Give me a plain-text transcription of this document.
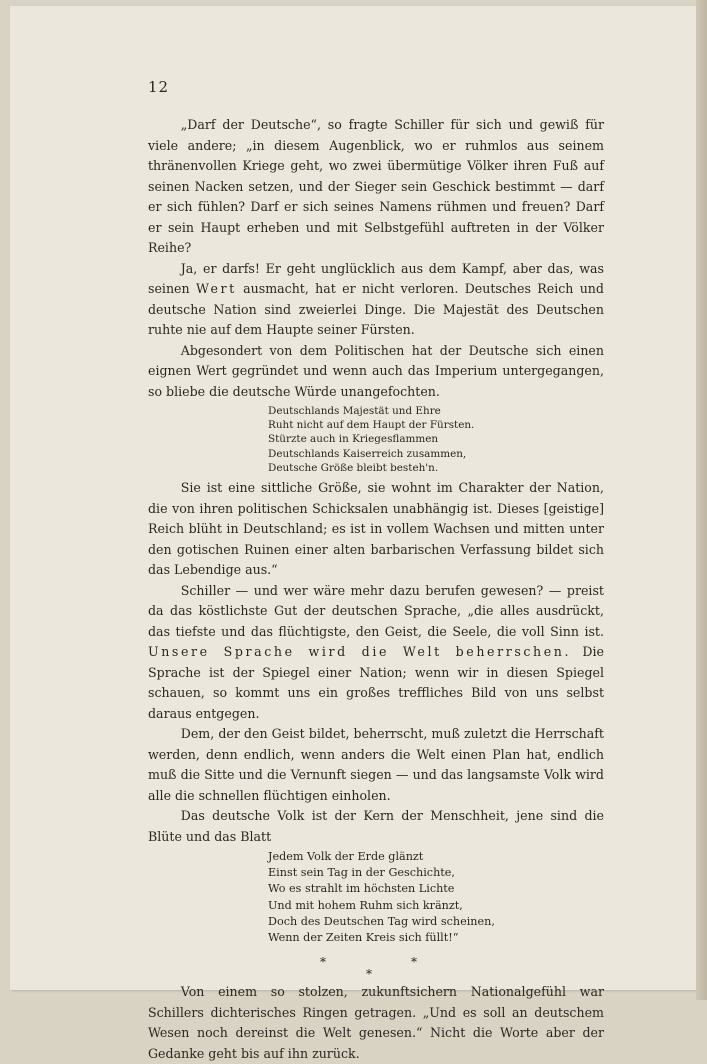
12

„Darf der Deutsche“, so fragte Schiller für sich und gewiß für viele andere; „in diesem Augenblick, wo er ruhmlos aus seinem thränenvollen Kriege geht, wo zwei übermütige Völker ihren Fuß auf seinen Nacken setzen, und der Sieger sein Geschick bestimmt — darf er sich fühlen? Darf er sich seines Namens rühmen und freuen? Darf er sein Haupt erheben und mit Selbstgefühl auftreten in der Völker Reihe?

Ja, er darfs! Er geht unglücklich aus dem Kampf, aber das, was seinen Wert ausmacht, hat er nicht verloren. Deutsches Reich und deutsche Nation sind zweierlei Dinge. Die Majestät des Deutschen ruhte nie auf dem Haupte seiner Fürsten.

Abgesondert von dem Politischen hat der Deutsche sich einen eignen Wert gegründet und wenn auch das Imperium untergegangen, so bliebe die deutsche Würde unangefochten.

Deutschlands Majestät und Ehre
Ruht nicht auf dem Haupt der Fürsten.
Stürzte auch in Kriegesflammen
Deutschlands Kaiserreich zusammen,
Deutsche Größe bleibt besteh'n.

Sie ist eine sittliche Größe, sie wohnt im Charakter der Nation, die von ihren politischen Schicksalen unabhängig ist. Dieses [geistige] Reich blüht in Deutschland; es ist in vollem Wachsen und mitten unter den gotischen Ruinen einer alten barbarischen Verfassung bildet sich das Lebendige aus.“

Schiller — und wer wäre mehr dazu berufen gewesen? — preist da das köstlichste Gut der deutschen Sprache, „die alles ausdrückt, das tiefste und das flüchtigste, den Geist, die Seele, die voll Sinn ist. Unsere Sprache wird die Welt beherrschen. Die Sprache ist der Spiegel einer Nation; wenn wir in diesen Spiegel schauen, so kommt uns ein großes treffliches Bild von uns selbst daraus entgegen.

Dem, der den Geist bildet, beherrscht, muß zuletzt die Herrschaft werden, denn endlich, wenn anders die Welt einen Plan hat, endlich muß die Sitte und die Vernunft siegen — und das langsamste Volk wird alle die schnellen flüchtigen einholen.

Das deutsche Volk ist der Kern der Menschheit, jene sind die Blüte und das Blatt

Jedem Volk der Erde glänzt
Einst sein Tag in der Geschichte,
Wo es strahlt im höchsten Lichte
Und mit hohem Ruhm sich kränzt,
Doch des Deutschen Tag wird scheinen,
Wenn der Zeiten Kreis sich füllt!“
*	*
*

Von einem so stolzen, zukunftsichern Nationalgefühl war Schillers dichterisches Ringen getragen. „Und es soll an deutschem Wesen noch dereinst die Welt genesen.“ Nicht die Worte aber der Gedanke geht bis auf ihn zurück.
